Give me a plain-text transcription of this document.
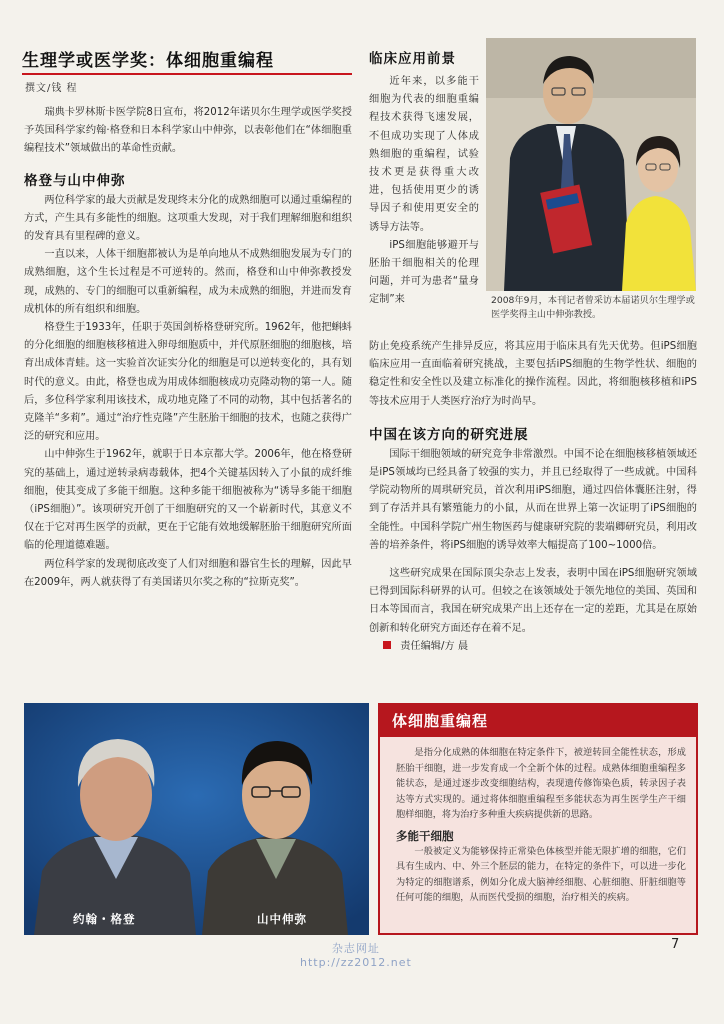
生理学或医学奖：体细胞重编程
撰文/钱 程

瑞典卡罗林斯卡医学院8日宣布，将2012年诺贝尔生理学或医学奖授予英国科学家约翰·格登和日本科学家山中伸弥，以表彰他们在“体细胞重编程技术”领域做出的革命性贡献。

格登与山中伸弥

两位科学家的最大贡献是发现终末分化的成熟细胞可以通过重编程的方式，产生具有多能性的细胞。这项重大发现，对于我们理解细胞和组织的发育具有里程碑的意义。

一直以来，人体干细胞都被认为是单向地从不成熟细胞发展为专门的成熟细胞，这个生长过程是不可逆转的。然而，格登和山中伸弥教授发现，成熟的、专门的细胞可以重新编程，成为未成熟的细胞，并进而发育成机体的所有组织和细胞。

格登生于1933年，任职于英国剑桥格登研究所。1962年，他把蝌蚪的分化细胞的细胞核移植进入卵母细胞质中，并代原胚细胞的细胞核，培育出成体青蛙。这一实验首次证实分化的细胞是可以逆转变化的，具有划时代的意义。由此，格登也成为用成体细胞核成功克隆动物的第一人。随后，多位科学家利用该技术，成功地克隆了不同的动物，其中包括著名的克隆羊“多莉”。通过“治疗性克隆”产生胚胎干细胞的技术，也随之获得广泛的研究和应用。

山中伸弥生于1962年，就职于日本京都大学。2006年，他在格登研究的基础上，通过逆转录病毒载体，把4个关键基因转入了小鼠的成纤维细胞，使其变成了多能干细胞。这种多能干细胞被称为“诱导多能干细胞（iPS细胞）”。该项研究开创了干细胞研究的又一个崭新时代，其意义不仅在于它对再生医学的贡献，更在于它能有效地缓解胚胎干细胞研究所面临的伦理道德难题。

两位科学家的发现彻底改变了人们对细胞和器官生长的理解，因此早在2009年，两人就获得了有美国诺贝尔奖之称的“拉斯克奖”。

临床应用前景

近年来，以多能干细胞为代表的细胞重编程技术获得飞速发展，不但成功实现了人体成熟细胞的重编程，试验技术更是获得重大改进，包括使用更少的诱导因子和使用更安全的诱导方法等。

iPS细胞能够避开与胚胎干细胞相关的伦理问题，并可为患者“量身定制”来	2008年9月，本刊记者曾采访本届诺贝尔生理学或医学奖得主山中伸弥教授。

防止免疫系统产生排异反应，将其应用于临床具有先天优势。但iPS细胞临床应用一直面临着研究挑战，主要包括iPS细胞的生物学性状、细胞的稳定性和安全性以及建立标准化的操作流程。因此，将细胞核移植和iPS等技术应用于人类医疗治疗为时尚早。

中国在该方向的研究进展

国际干细胞领域的研究竞争非常激烈。中国不论在细胞核移植领域还是iPS领域均已经具备了较强的实力，并且已经取得了一些成就。中国科学院动物所的周琪研究员，首次利用iPS细胞，通过四倍体囊胚注射，得到了存活并具有繁殖能力的小鼠，从而在世界上第一次证明了iPS细胞的全能性。中国科学院广州生物医药与健康研究院的裴端卿研究员，利用改善的培养条件，将iPS细胞的诱导效率大幅提高了100~1000倍。

这些研究成果在国际顶尖杂志上发表，表明中国在iPS细胞研究领域已得到国际科研界的认可。但较之在该领域处于领先地位的美国、英国和日本等国而言，我国在研究成果产出上还存在一定的差距，尤其是在原始创新和转化研究方面还存在着不足。

责任编辑/方 晨
约翰・格登	山中伸弥
体细胞重编程

是指分化成熟的体细胞在特定条件下，被逆转回全能性状态，形成胚胎干细胞，进一步发育成一个全新个体的过程。成熟体细胞重编程多能状态，是通过逐步改变细胞结构，表现遗传修饰染色质，转录因子表达等方式实现的。通过将体细胞重编程至多能状态为再生医学生产干细胞样细胞，将为治疗多种重大疾病提供新的思路。

多能干细胞

一般被定义为能够保持正常染色体核型并能无限扩增的细胞，它们具有生成内、中、外三个胚层的能力，在特定的条件下，可以进一步化为特定的细胞谱系，例如分化成大脑神经细胞、心脏细胞、肝脏细胞等任何可能的细胞，从而医代受损的细胞，治疗相关的疾病。

7
杂志网址
http://zz2012.net
